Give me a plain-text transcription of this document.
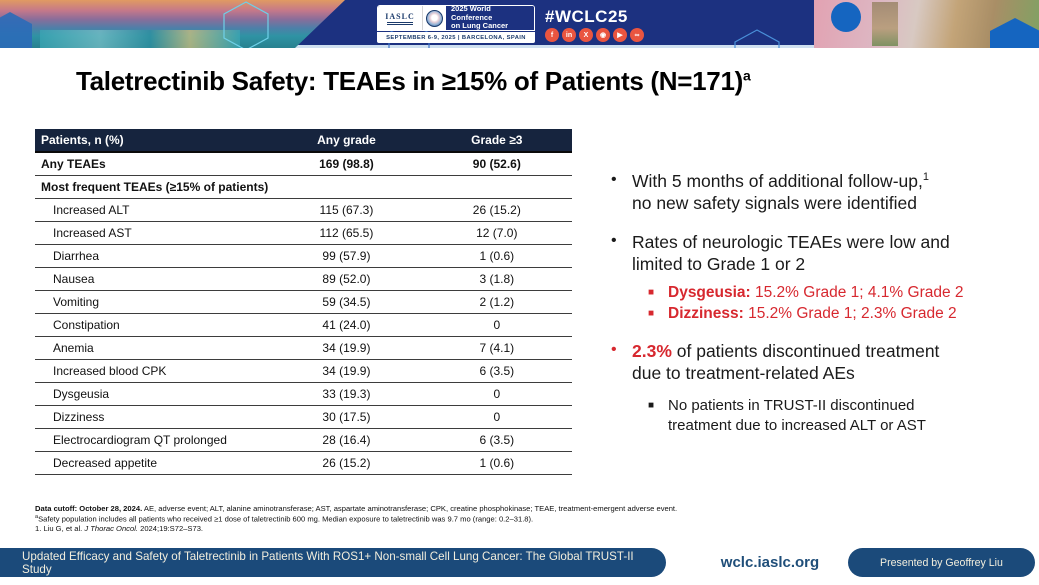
IASLC
2025 World Conference
on Lung Cancer
SEPTEMBER 6-9, 2025 | BARCELONA, SPAIN
#WCLC25
f	in	X	◉	▶	∞
Taletrectinib Safety: TEAEs in ≥15% of Patients (N=171)$^a$
Patients, n (%)	Any grade	Grade ≥3
Any TEAEs	169 (98.8)	90 (52.6)
Most frequent TEAEs (≥15% of patients)		
Increased ALT	115 (67.3)	26 (15.2)
Increased AST	112 (65.5)	12 (7.0)
Diarrhea	99 (57.9)	1 (0.6)
Nausea	89 (52.0)	3 (1.8)
Vomiting	59 (34.5)	2 (1.2)
Constipation	41 (24.0)	0
Anemia	34 (19.9)	7 (4.1)
Increased blood CPK	34 (19.9)	6 (3.5)
Dysgeusia	33 (19.3)	0
Dizziness	30 (17.5)	0
Electrocardiogram QT prolonged	28 (16.4)	6 (3.5)
Decreased appetite	26 (15.2)	1 (0.6)
• With 5 months of additional follow-up,$^1$
no new safety signals were identified
• Rates of neurologic TEAEs were low and
limited to Grade 1 or 2
■ Dysgeusia: 15.2% Grade 1; 4.1% Grade 2
■ Dizziness: 15.2% Grade 1; 2.3% Grade 2
• 2.3% of patients discontinued treatment
due to treatment-related AEs
■ No patients in TRUST-II discontinued
treatment due to increased ALT or AST
Data cutoff: October 28, 2024. AE, adverse event; ALT, alanine aminotransferase; AST, aspartate aminotransferase; CPK, creatine phosphokinase; TEAE, treatment-emergent adverse event.
$^a$Safety population includes all patients who received ≥1 dose of taletrectinib 600 mg. Median exposure to taletrectinib was 9.7 mo (range: 0.2–31.8).
1. Liu G, et al. J Thorac Oncol. 2024;19:S72–S73.
Updated Efficacy and Safety of Taletrectinib in Patients With ROS1+ Non-small Cell Lung Cancer: The Global TRUST-II Study	wclc.iaslc.org	Presented by Geoffrey Liu
